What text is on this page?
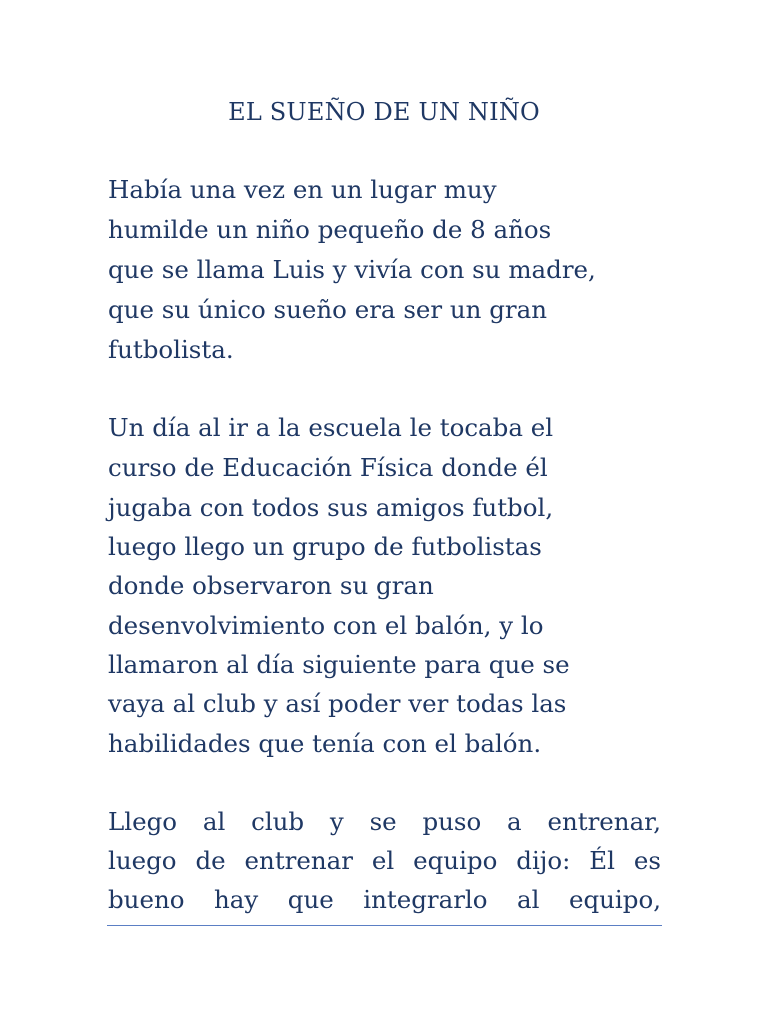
EL SUEÑO DE UN NIÑO

Había una vez en un lugar muy

humilde un niño pequeño de 8 años

que se llama Luis y vivía con su madre,

que su único sueño era ser un gran

futbolista.

Un día al ir a la escuela le tocaba el

curso de Educación Física donde él

jugaba con todos sus amigos futbol,

luego llego un grupo de futbolistas

donde observaron su gran

desenvolvimiento con el balón, y lo

llamaron al día siguiente para que se

vaya al club y así poder ver todas las

habilidades que tenía con el balón.

Llego al club y se puso a entrenar,

luego de entrenar el equipo dijo: Él es

bueno hay que integrarlo al equipo,
